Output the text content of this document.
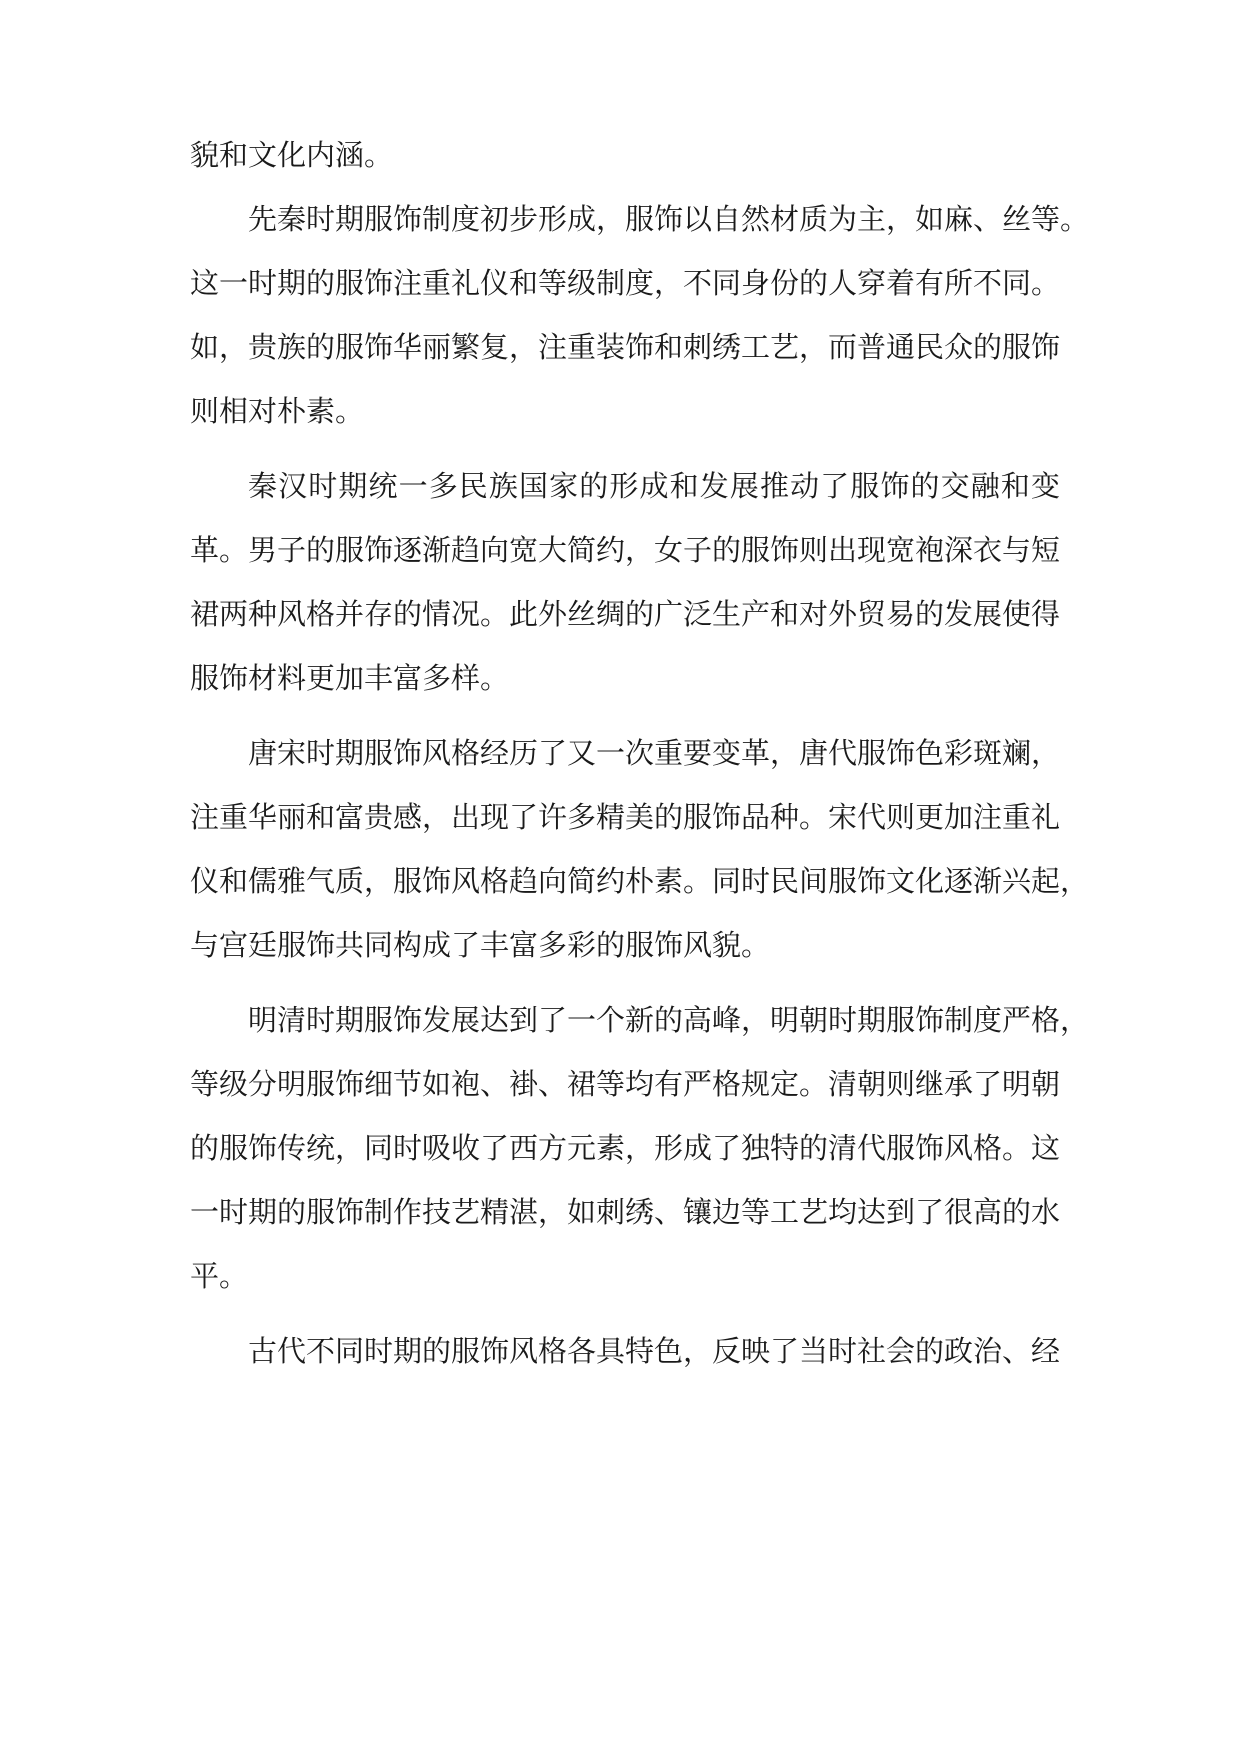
貌和文化内涵。
先秦时期服饰制度初步形成，服饰以自然材质为主，如麻、丝等。
这一时期的服饰注重礼仪和等级制度，不同身份的人穿着有所不同。
如，贵族的服饰华丽繁复，注重装饰和刺绣工艺，而普通民众的服饰
则相对朴素。
秦汉时期统一多民族国家的形成和发展推动了服饰的交融和变
革。男子的服饰逐渐趋向宽大简约，女子的服饰则出现宽袍深衣与短
裙两种风格并存的情况。此外丝绸的广泛生产和对外贸易的发展使得
服饰材料更加丰富多样。
唐宋时期服饰风格经历了又一次重要变革，唐代服饰色彩斑斓，
注重华丽和富贵感，出现了许多精美的服饰品种。宋代则更加注重礼
仪和儒雅气质，服饰风格趋向简约朴素。同时民间服饰文化逐渐兴起，
与宫廷服饰共同构成了丰富多彩的服饰风貌。
明清时期服饰发展达到了一个新的高峰，明朝时期服饰制度严格，
等级分明服饰细节如袍、褂、裙等均有严格规定。清朝则继承了明朝
的服饰传统，同时吸收了西方元素，形成了独特的清代服饰风格。这
一时期的服饰制作技艺精湛，如刺绣、镶边等工艺均达到了很高的水
平。
古代不同时期的服饰风格各具特色，反映了当时社会的政治、经
